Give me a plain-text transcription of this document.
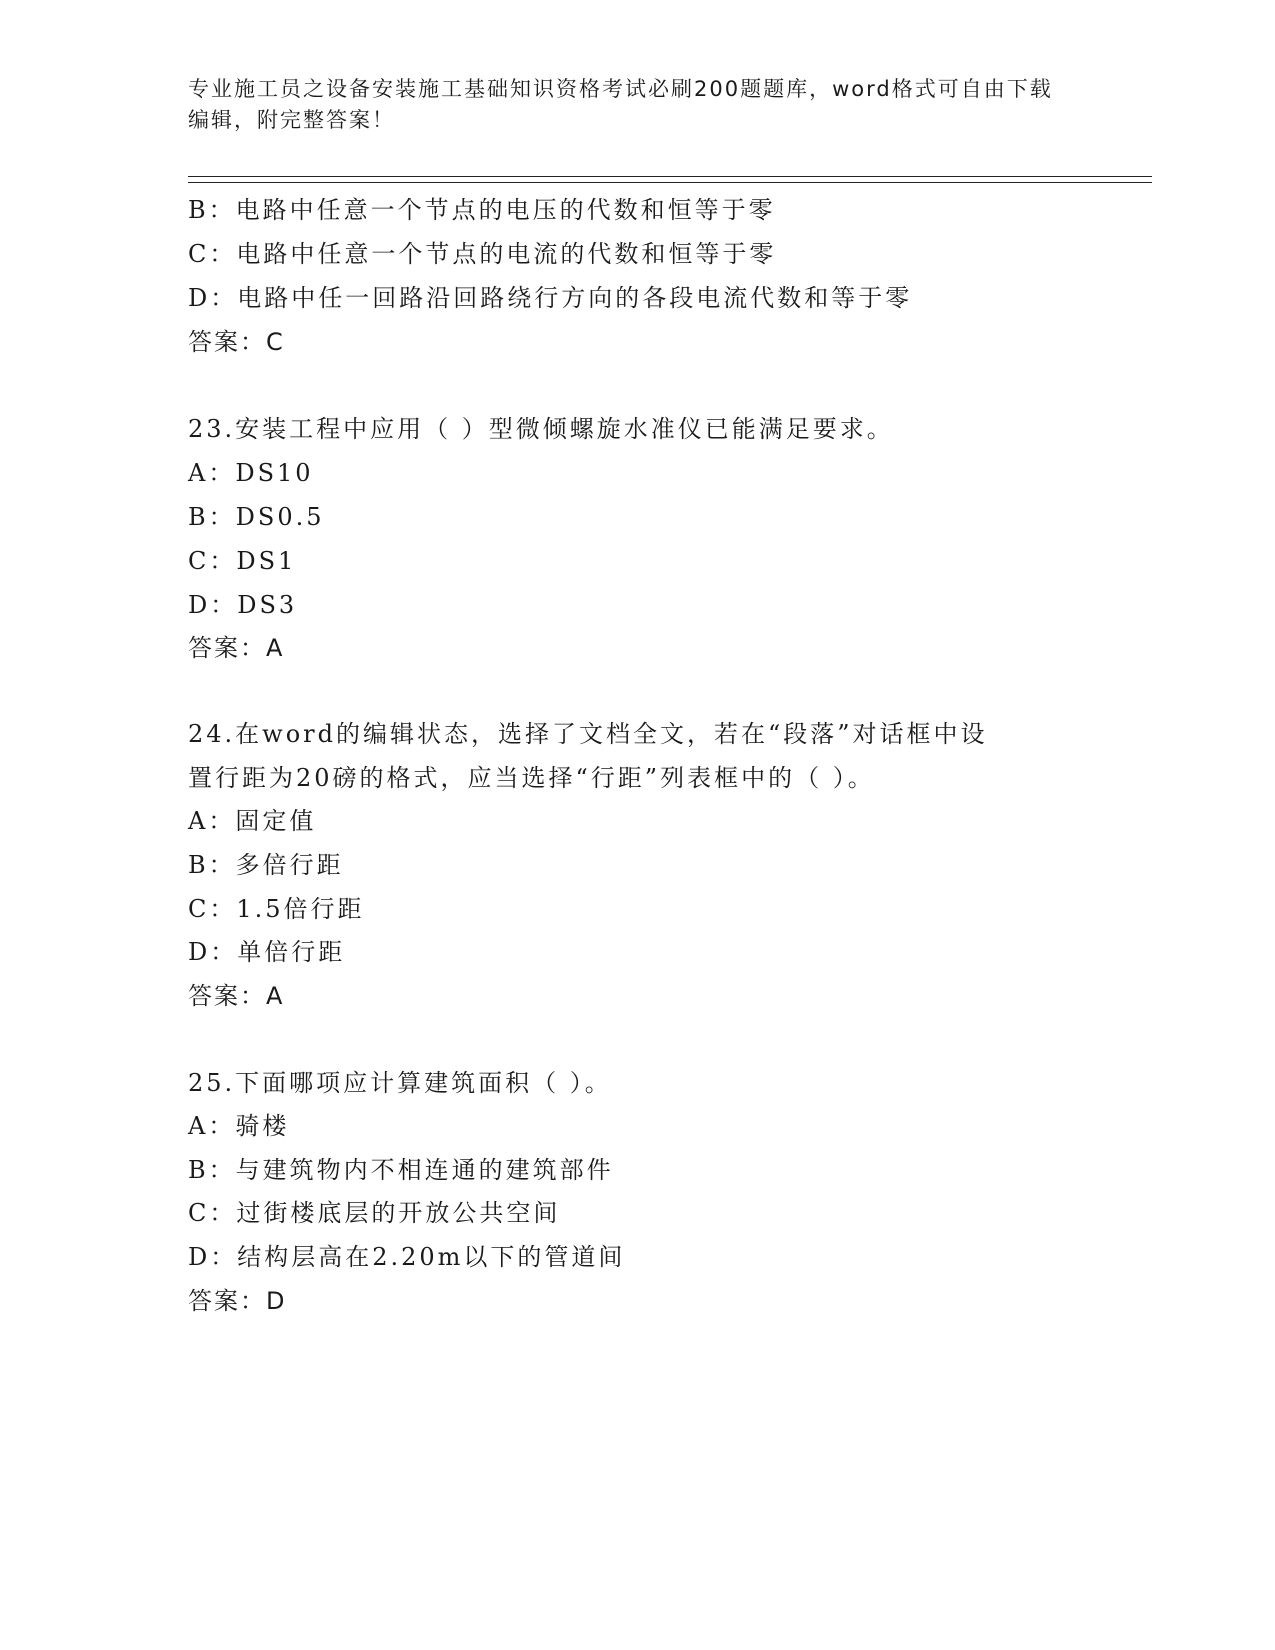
专业施工员之设备安装施工基础知识资格考试必刷200题题库，word格式可自由下载编辑，附完整答案！
B：电路中任意一个节点的电压的代数和恒等于零
C：电路中任意一个节点的电流的代数和恒等于零
D：电路中任一回路沿回路绕行方向的各段电流代数和等于零
答案：C
23.安装工程中应用（ ）型微倾螺旋水准仪已能满足要求。
A：DS10
B：DS0.5
C：DS1
D：DS3
答案：A
24.在word的编辑状态，选择了文档全文，若在“段落”对话框中设
置行距为20磅的格式，应当选择“行距”列表框中的（ ）。
A：固定值
B：多倍行距
C：1.5倍行距
D：单倍行距
答案：A
25.下面哪项应计算建筑面积（ ）。
A：骑楼
B：与建筑物内不相连通的建筑部件
C：过街楼底层的开放公共空间
D：结构层高在2.20m以下的管道间
答案：D
